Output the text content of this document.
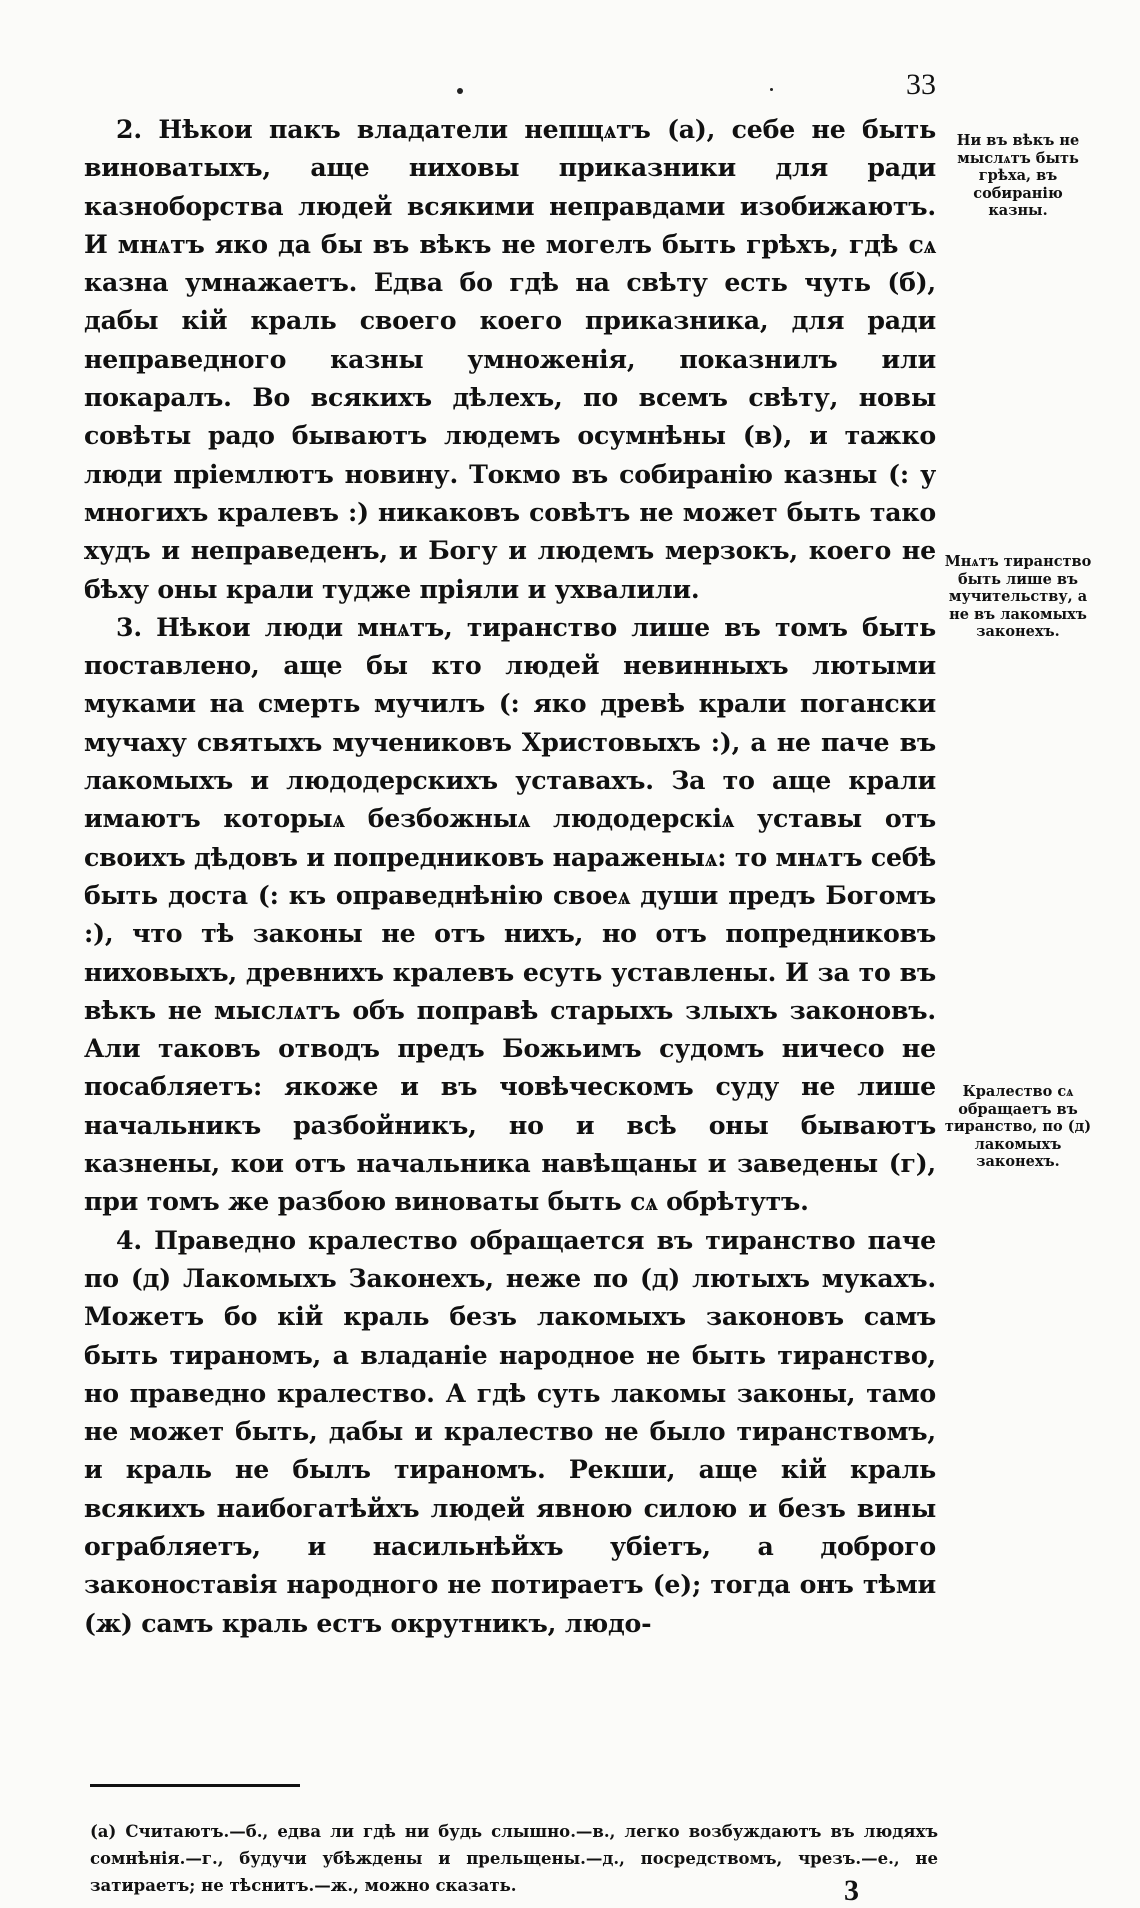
33

2. Нѣкои пакъ владатели непщѧтъ (а), себе не быть виноватыхъ, аще ниховы приказники для ради казноборства людей всякими неправдами изобижаютъ. И мнѧтъ яко да бы въ вѣкъ не могелъ быть грѣхъ, гдѣ сѧ казна умнажаетъ. Едва бо гдѣ на свѣту есть чуть (б), дабы кій краль своего коего приказника, для ради неправедного казны умноженія, показнилъ или покаралъ. Во всякихъ дѣлехъ, по всемъ свѣту, новы совѣты радо бываютъ людемъ осумнѣны (в), и тажко люди пріемлютъ новину. Токмо въ собиранію казны (: у многихъ кралевъ :) никаковъ совѣтъ не может быть тако худъ и неправеденъ, и Богу и людемъ мерзокъ, коего не бѣху оны крали тудже пріяли и ухвалили.

3. Нѣкои люди мнѧтъ, тиранство лише въ томъ быть поставлено, аще бы кто людей невинныхъ лютыми муками на смерть мучилъ (: яко древѣ крали погански мучаху святыхъ мучениковъ Христовыхъ :), а не паче въ лакомыхъ и людодерскихъ уставахъ. За то аще крали имаютъ которыѧ безбожныѧ людодерскіѧ уставы отъ своихъ дѣдовъ и попредниковъ нараженыѧ: то мнѧтъ себѣ быть доста (: къ оправеднѣнію своеѧ души предъ Богомъ :), что тѣ законы не отъ нихъ, но отъ попредниковъ ниховыхъ, древнихъ кралевъ есуть уставлены. И за то въ вѣкъ не мыслѧтъ объ поправѣ старыхъ злыхъ законовъ. Али таковъ отводъ предъ Божьимъ судомъ ничесо не посабляетъ: якоже и въ човѣческомъ суду не лише начальникъ разбойникъ, но и всѣ оны бываютъ казнены, кои отъ начальника навѣщаны и заведены (г), при томъ же разбою виноваты быть сѧ обрѣтутъ.

4. Праведно кралество обращается въ тиранство паче по (д) Лакомыхъ Законехъ, неже по (д) лютыхъ мукахъ. Можетъ бо кій краль безъ лакомыхъ законовъ самъ быть тираномъ, а владаніе народное не быть тиранство, но праведно кралество. А гдѣ суть лакомы законы, тамо не может быть, дабы и кралество не было тиранствомъ, и краль не былъ тираномъ. Рекши, аще кій краль всякихъ наибогатѣйхъ людей явною силою и безъ вины ограбляетъ, и насильнѣйхъ убіетъ, а доброго законоставія народного не потираетъ (е); тогда онъ тѣми (ж) самъ краль естъ окрутникъ, людо-

Ни въ вѣкъ не мыслѧтъ быть грѣха, въ собиранію казны.

Мнѧтъ тиранство быть лише въ мучительству, а не въ лакомыхъ законехъ.

Кралество сѧ обращаетъ въ тиранство, по (д) лакомыхъ законехъ.

(а) Считаютъ.—б., едва ли гдѣ ни будь слышно.—в., легко возбуждаютъ въ людяхъ сомнѣнія.—г., будучи убѣждены и прельщены.—д., посредствомъ, чрезъ.—е., не затираетъ; не тѣснитъ.—ж., можно сказать.	3
